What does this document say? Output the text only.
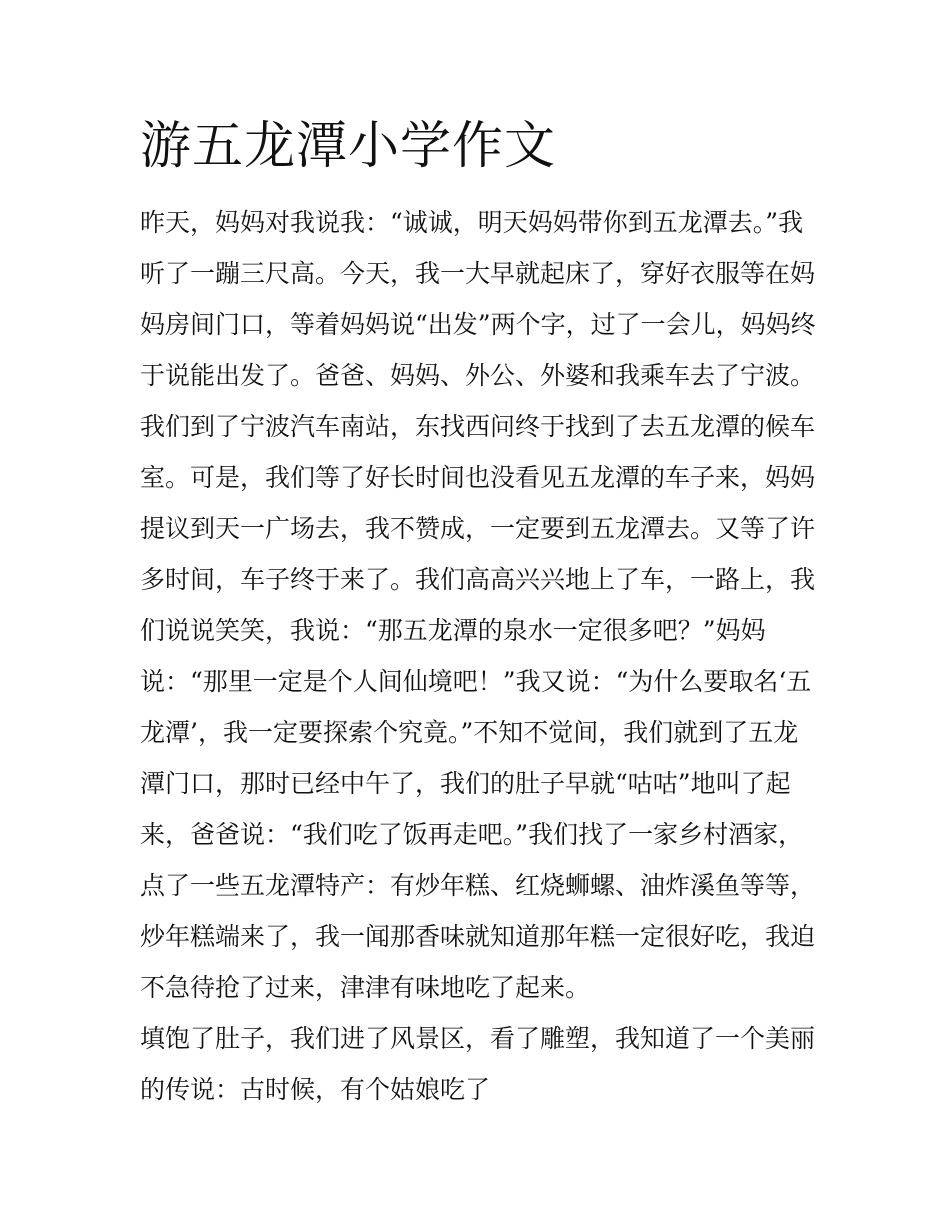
游五龙潭小学作文
昨天，妈妈对我说我：“诚诚，明天妈妈带你到五龙潭去。”我
听了一蹦三尺高。今天，我一大早就起床了，穿好衣服等在妈
妈房间门口，等着妈妈说“出发”两个字，过了一会儿，妈妈终
于说能出发了。爸爸、妈妈、外公、外婆和我乘车去了宁波。
我们到了宁波汽车南站，东找西问终于找到了去五龙潭的候车
室。可是，我们等了好长时间也没看见五龙潭的车子来，妈妈
提议到天一广场去，我不赞成，一定要到五龙潭去。又等了许
多时间，车子终于来了。我们高高兴兴地上了车，一路上，我
们说说笑笑，我说：“那五龙潭的泉水一定很多吧？”妈妈
说：“那里一定是个人间仙境吧！”我又说：“为什么要取名‘五
龙潭’，我一定要探索个究竟。”不知不觉间，我们就到了五龙
潭门口，那时已经中午了，我们的肚子早就“咕咕”地叫了起
来，爸爸说：“我们吃了饭再走吧。”我们找了一家乡村酒家，
点了一些五龙潭特产：有炒年糕、红烧蛳螺、油炸溪鱼等等，
炒年糕端来了，我一闻那香味就知道那年糕一定很好吃，我迫
不急待抢了过来，津津有味地吃了起来。
填饱了肚子，我们进了风景区，看了雕塑，我知道了一个美丽
的传说：古时候，有个姑娘吃了
